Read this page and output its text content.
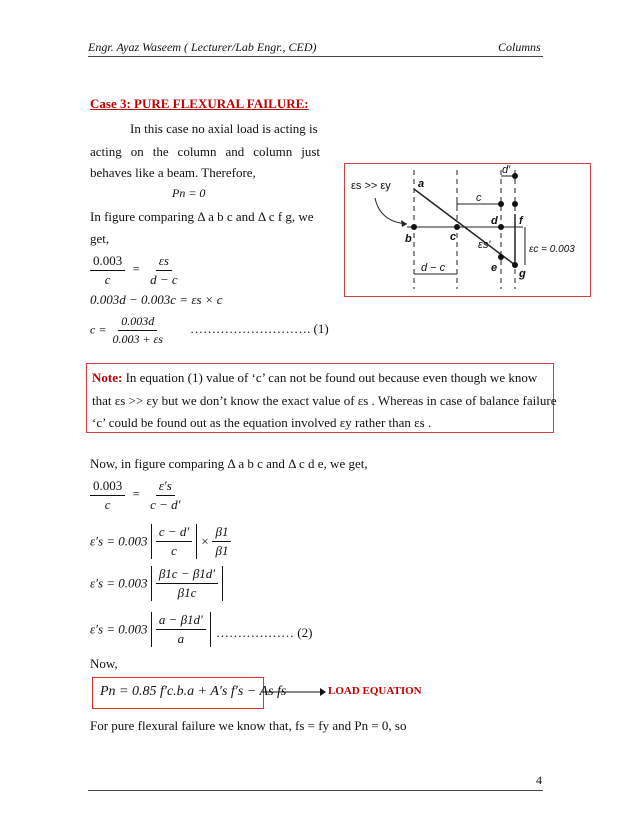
Engr. Ayaz Waseem ( Lecturer/Lab Engr., CED)	Columns
Case 3: PURE FLEXURAL FAILURE:
In this case no axial load is acting is
acting on the column and column just
behaves like a beam. Therefore,
Pn = 0
In figure comparing Δ a b c and Δ c f g, we
get,
$\frac{0.003}{c} = \frac{\varepsilon s}{d - c}$
0.003d − 0.003c = εs × c
$c = \frac{0.003d}{0.003 + \varepsilon s}$ ………………………. (1)
εs >> εy a
b	c
c
d′
d f
εs′
e g
d − c
εc = 0.003
Note: In equation (1) value of ‘c’ can not be found out because even though we know
that εs >> εy but we don’t know the exact value of εs . Whereas in case of balance failure
‘c’ could be found out as the equation involved εy rather than εs .
Now, in figure comparing Δ a b c and Δ c d e, we get,
$\frac{0.003}{c} = \frac{\varepsilon's}{c - d'}$
$\varepsilon's = 0.003 \frac{c - d'}{c} \times \frac{\beta 1}{\beta 1}$
$\varepsilon's = 0.003 \frac{\beta 1c - \beta 1d'}{\beta 1c}$
$\varepsilon's = 0.003 \frac{a - \beta 1d'}{a}$ ……………… (2)
Now,
Pn = 0.85 f′c.b.a + A′s f′s − As fs	LOAD EQUATION
For pure flexural failure we know that, fs = fy and Pn = 0, so
4
